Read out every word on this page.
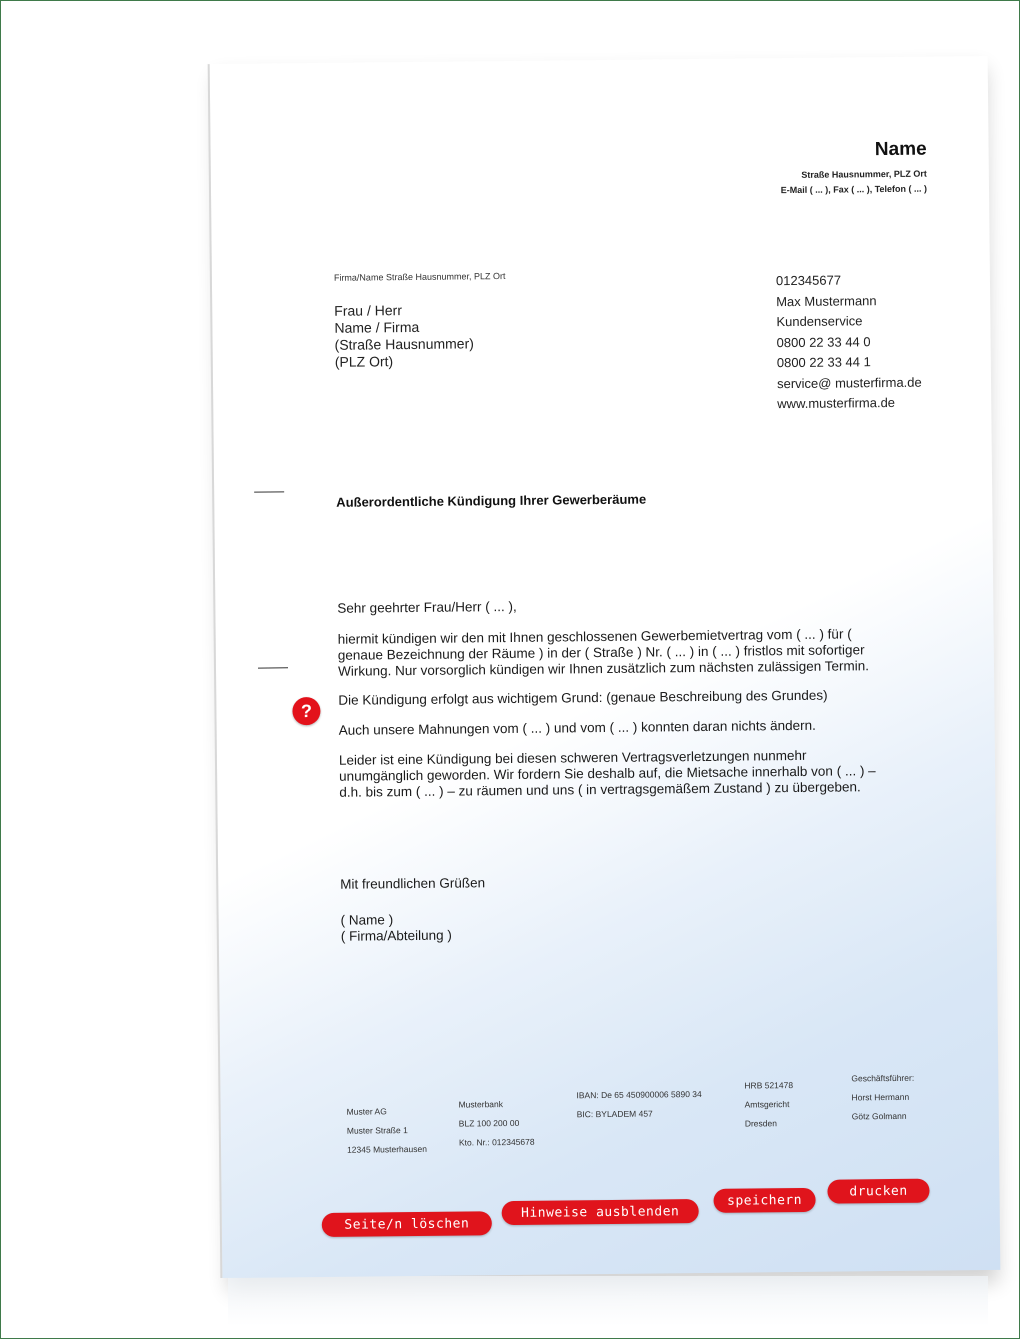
Name
Straße Hausnummer, PLZ Ort
E-Mail ( ... ), Fax ( ... ), Telefon ( ... )
Firma/Name Straße Hausnummer, PLZ Ort
Frau / Herr
Name / Firma
(Straße Hausnummer)
(PLZ Ort)
012345677
Max Mustermann
Kundenservice
0800 22 33 44 0
0800 22 33 44 1
service@ musterfirma.de
www.musterfirma.de
Außerordentliche Kündigung Ihrer Gewerberäume

Sehr geehrter Frau/Herr ( ... ),

hiermit kündigen wir den mit Ihnen geschlossenen Gewerbemietvertrag vom ( ... ) für ( genaue Bezeichnung der Räume ) in der ( Straße ) Nr. ( ... ) in ( ... ) fristlos mit sofortiger Wirkung. Nur vorsorglich kündigen wir Ihnen zusätzlich zum nächsten zulässigen Termin.

Die Kündigung erfolgt aus wichtigem Grund: (genaue Beschreibung des Grundes)

Auch unsere Mahnungen vom ( ... ) und vom ( ... ) konnten daran nichts ändern.

Leider ist eine Kündigung bei diesen schweren Vertragsverletzungen nunmehr unumgänglich geworden. Wir fordern Sie deshalb auf, die Mietsache innerhalb von ( ... ) – d.h. bis zum ( ... ) – zu räumen und uns ( in vertragsgemäßem Zustand ) zu übergeben.

Mit freundlichen Grüßen

( Name )

( Firma/Abteilung )

?
Muster AG
Muster Straße 1
12345 Musterhausen
Musterbank
BLZ 100 200 00
Kto. Nr.: 012345678
IBAN: De 65 450900006 5890 34
BIC: BYLADEM 457
HRB 521478
Amtsgericht
Dresden
Geschäftsführer:
Horst Hermann
Götz Golmann
Seite/n löschen
Hinweise ausblenden
speichern
drucken
